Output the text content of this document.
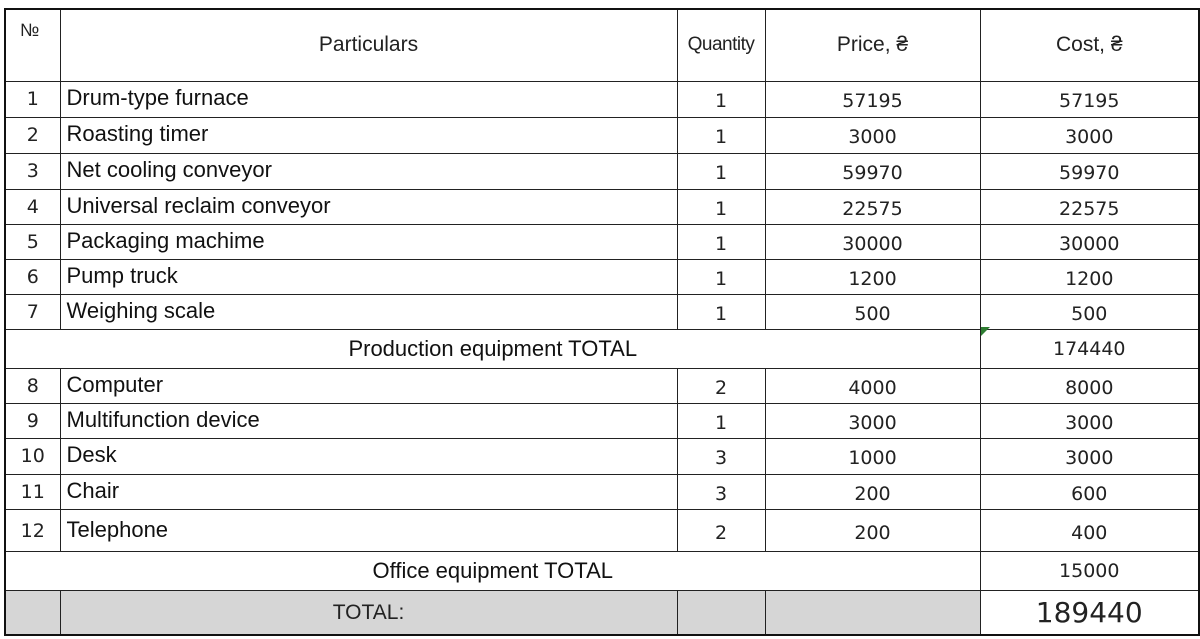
№	Particulars	Quantity	Price, ₴	Cost, ₴
1	Drum-type furnace	1	57195	57195
2	Roasting timer	1	3000	3000
3	Net cooling conveyor	1	59970	59970
4	Universal reclaim conveyor	1	22575	22575
5	Packaging machime	1	30000	30000
6	Pump truck	1	1200	1200
7	Weighing scale	1	500	500
Production equipment TOTAL				174440
8	Computer	2	4000	8000
9	Multifunction device	1	3000	3000
10	Desk	3	1000	3000
11	Chair	3	200	600
12	Telephone	2	200	400
Office equipment TOTAL				15000
	TOTAL:			189440
